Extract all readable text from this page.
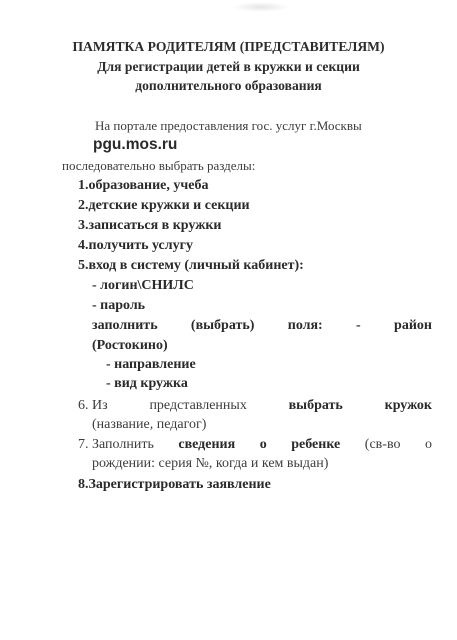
ПАМЯТКА РОДИТЕЛЯМ (ПРЕДСТАВИТЕЛЯМ)
Для регистрации детей в кружки и секции
дополнительного образования
На портале предоставления гос. услуг г.Москвы
pgu.mos.ru
последовательно выбрать разделы:
1.образование, учеба
2.детские кружки и секции
3.записаться в кружки
4.получить услугу
5.вход в систему (личный кабинет):
- логин\СНИЛС
- пароль
заполнить (выбрать) поля: - район
(Ростокино)
- направление
- вид кружка
6. Из	представленных	выбрать	кружок
(название, педагог)
7. Заполнить сведения о ребенке (св-во о
рождении: серия №, когда и кем выдан)
8.Зарегистрировать заявление
